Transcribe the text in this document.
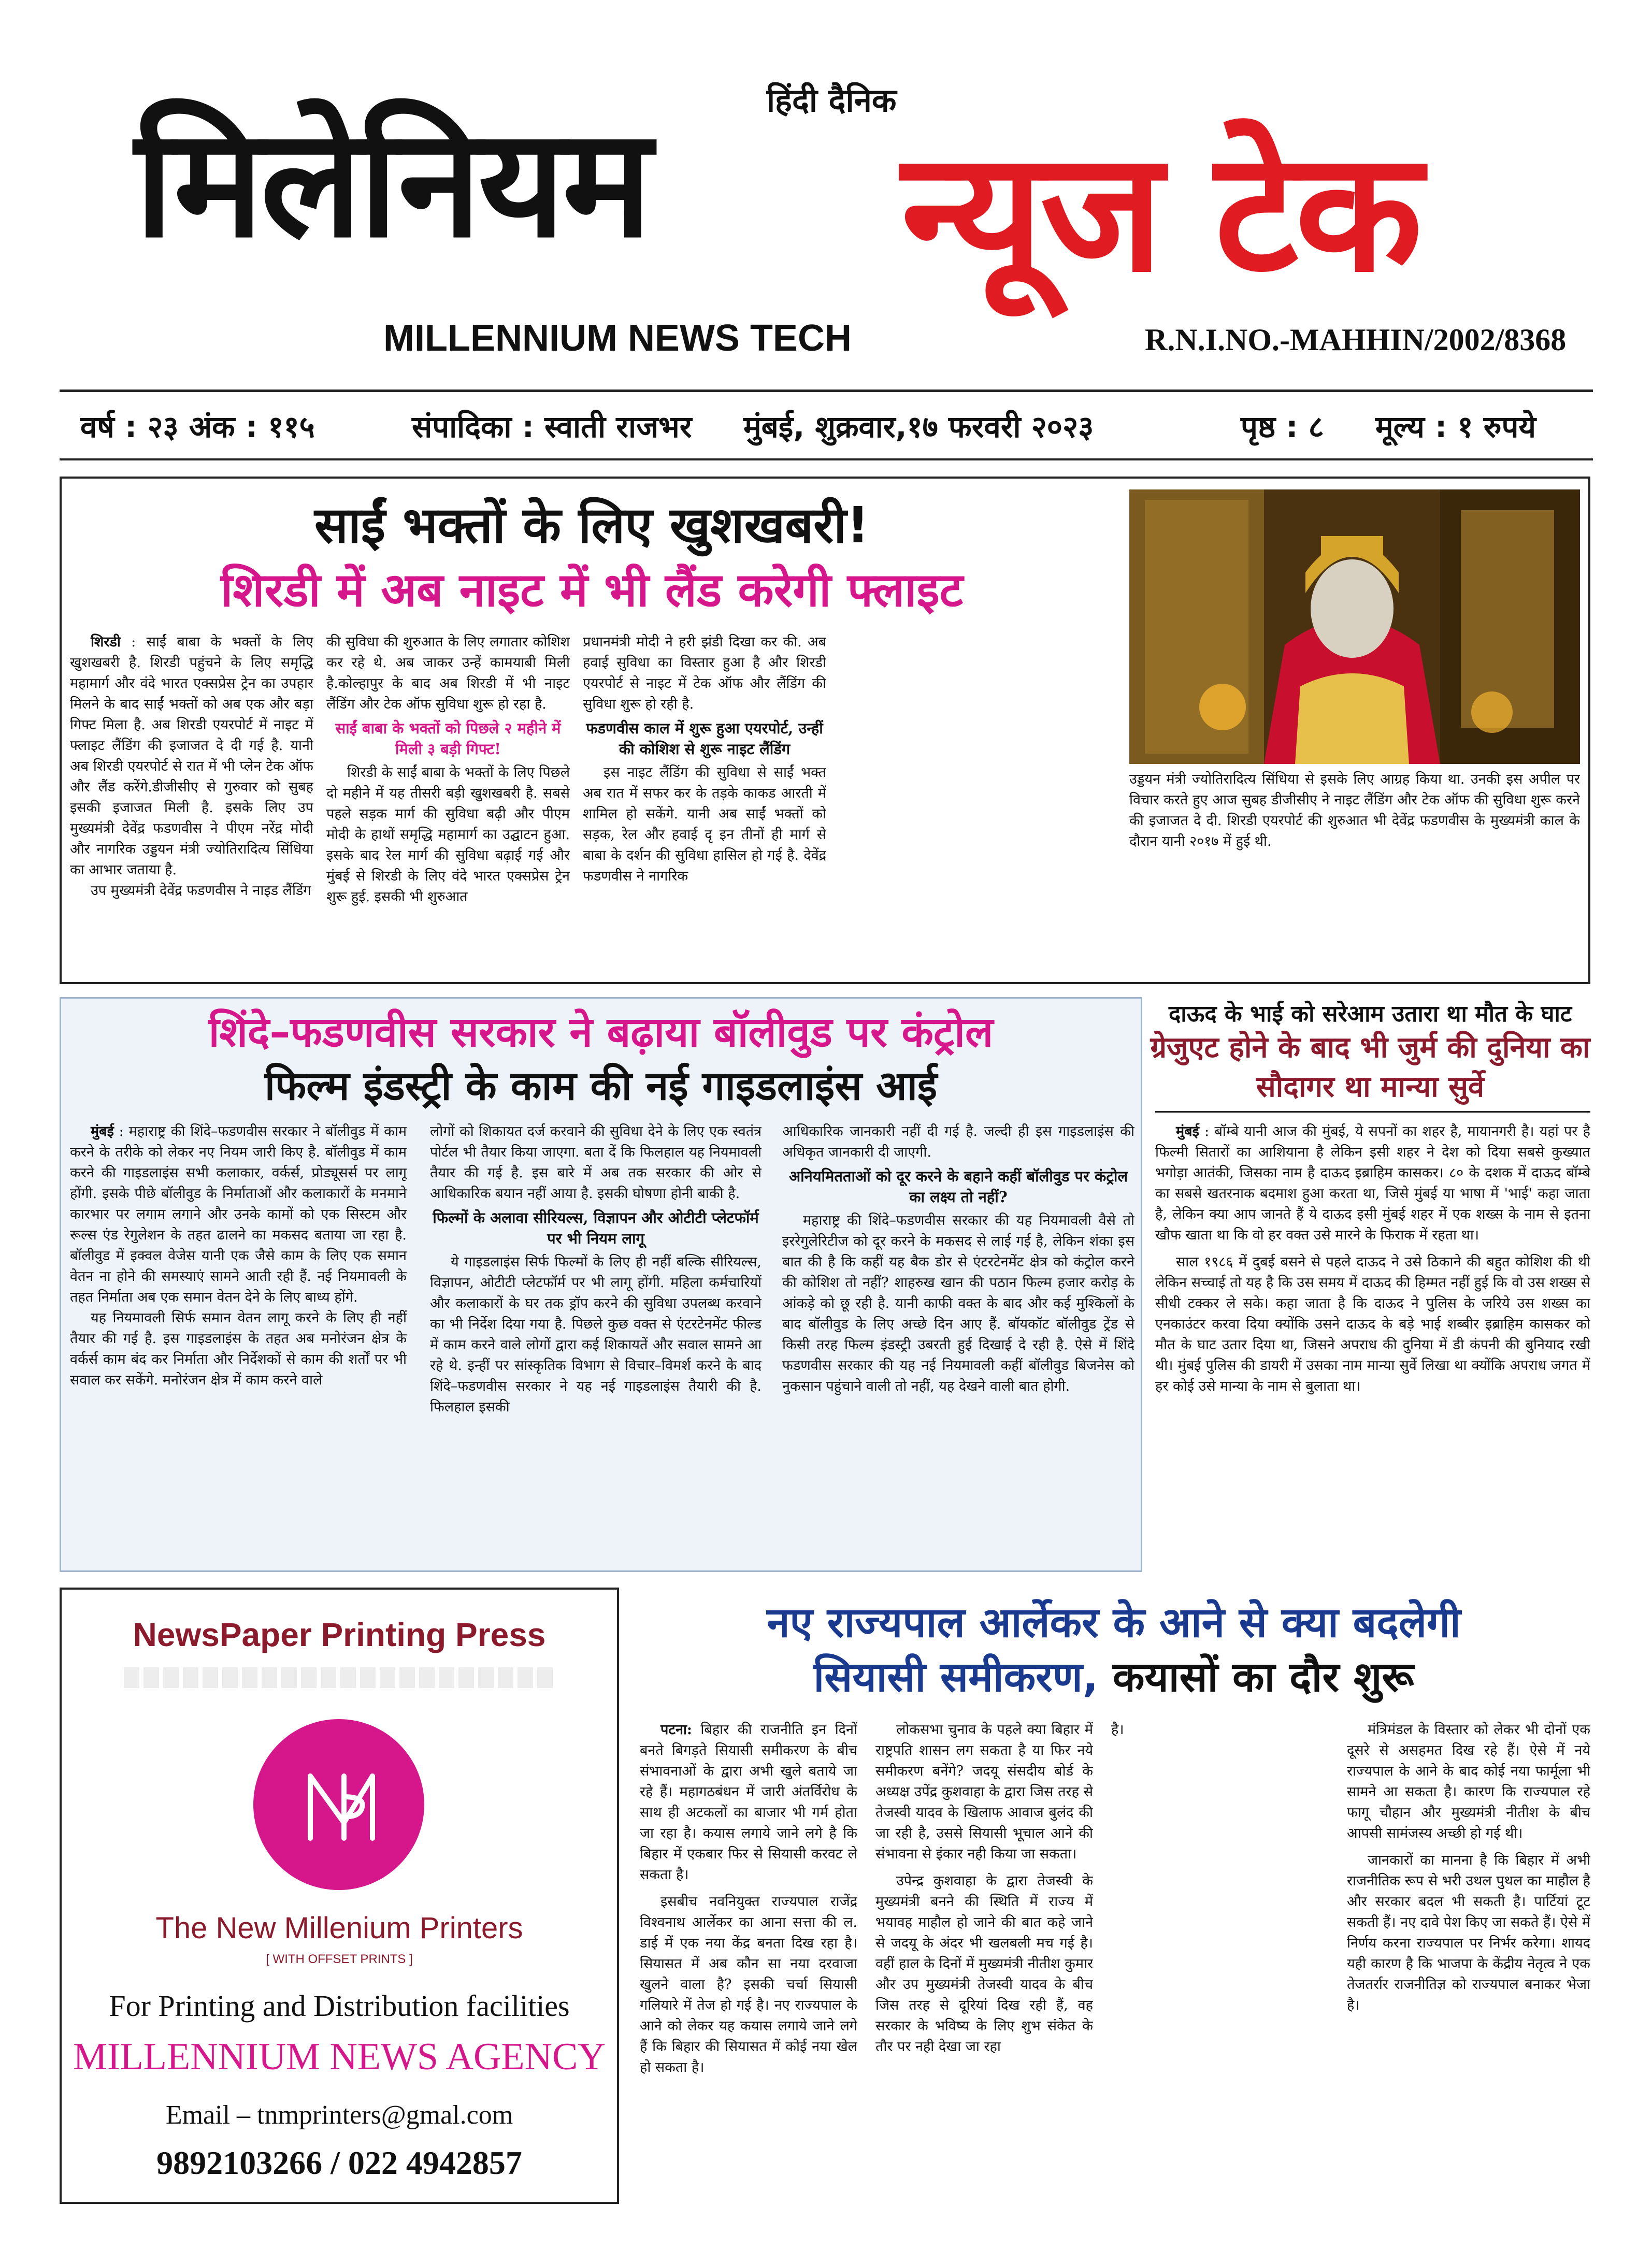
हिंदी दैनिक
मिलेनियम न्यूज टेक
MILLENNIUM NEWS TECH	R.N.I.NO.-MAHHIN/2002/8368
वर्ष : २३ अंक : ११५	संपादिका : स्वाती राजभर मुंबई, शुक्रवार,१७ फरवरी २०२३	पृष्ठ : ८ मूल्य : १ रुपये
साईं भक्तों के लिए खुशखबरी!
शिरडी में अब नाइट में भी लैंड करेगी फ्लाइट

शिरडी : साईं बाबा के भक्तों के लिए खुशखबरी है. शिरडी पहुंचने के लिए समृद्धि महामार्ग और वंदे भारत एक्सप्रेस ट्रेन का उपहार मिलने के बाद साईं भक्तों को अब एक और बड़ा गिफ्ट मिला है. अब शिरडी एयरपोर्ट में नाइट में फ्लाइट लैंडिंग की इजाजत दे दी गई है. यानी अब शिरडी एयरपोर्ट से रात में भी प्लेन टेक ऑफ और लैंड करेंगे.डीजीसीए से गुरुवार को सुबह इसकी इजाजत मिली है. इसके लिए उप मुख्यमंत्री देवेंद्र फडणवीस ने पीएम नरेंद्र मोदी और नागरिक उड्डयन मंत्री ज्योतिरादित्य सिंधिया का आभार जताया है.

उप मुख्यमंत्री देवेंद्र फडणवीस ने नाइड लैंडिंग

की सुविधा की शुरुआत के लिए लगातार कोशिश कर रहे थे. अब जाकर उन्हें कामयाबी मिली है.कोल्हापुर के बाद अब शिरडी में भी नाइट लैंडिंग और टेक ऑफ सुविधा शुरू हो रहा है.

साईं बाबा के भक्तों को पिछले २ महीने में मिली ३ बड़ी गिफ्ट!

शिरडी के साईं बाबा के भक्तों के लिए पिछले दो महीने में यह तीसरी बड़ी खुशखबरी है. सबसे पहले सड़क मार्ग की सुविधा बढ़ी और पीएम मोदी के हाथों समृद्धि महामार्ग का उद्घाटन हुआ. इसके बाद रेल मार्ग की सुविधा बढ़ाई गई और मुंबई से शिरडी के लिए वंदे भारत एक्सप्रेस ट्रेन शुरू हुई. इसकी भी शुरुआत

प्रधानमंत्री मोदी ने हरी झंडी दिखा कर की. अब हवाई सुविधा का विस्तार हुआ है और शिरडी एयरपोर्ट से नाइट में टेक ऑफ और लैंडिंग की सुविधा शुरू हो रही है.

फडणवीस काल में शुरू हुआ एयरपोर्ट, उन्हीं की कोशिश से शुरू नाइट लैंडिंग

इस नाइट लैंडिंग की सुविधा से साईं भक्त अब रात में सफर कर के तड़के काकड आरती में शामिल हो सकेंगे. यानी अब साईं भक्तों को सड़क, रेल और हवाई दृ इन तीनों ही मार्ग से बाबा के दर्शन की सुविधा हासिल हो गई है. देवेंद्र फडणवीस ने नागरिक

उड्डयन मंत्री ज्योतिरादित्य सिंधिया से इसके लिए आग्रह किया था. उनकी इस अपील पर विचार करते हुए आज सुबह डीजीसीए ने नाइट लैंडिंग और टेक ऑफ की सुविधा शुरू करने की इजाजत दे दी. शिरडी एयरपोर्ट की शुरुआत भी देवेंद्र फडणवीस के मुख्यमंत्री काल के दौरान यानी २०१७ में हुई थी.

शिंदे–फडणवीस सरकार ने बढ़ाया बॉलीवुड पर कंट्रोल
फिल्म इंडस्ट्री के काम की नई गाइडलाइंस आई

मुंबई : महाराष्ट्र की शिंदे–फडणवीस सरकार ने बॉलीवुड में काम करने के तरीके को लेकर नए नियम जारी किए है. बॉलीवुड में काम करने की गाइडलाइंस सभी कलाकार, वर्कर्स, प्रोड्यूसर्स पर लागू होंगी. इसके पीछे बॉलीवुड के निर्माताओं और कलाकारों के मनमाने कारभार पर लगाम लगाने और उनके कामों को एक सिस्टम और रूल्स एंड रेगुलेशन के तहत ढालने का मकसद बताया जा रहा है. बॉलीवुड में इक्वल वेजेस यानी एक जैसे काम के लिए एक समान वेतन ना होने की समस्याएं सामने आती रही हैं. नई नियमावली के तहत निर्माता अब एक समान वेतन देने के लिए बाध्य होंगे.

यह नियमावली सिर्फ समान वेतन लागू करने के लिए ही नहीं तैयार की गई है. इस गाइडलाइंस के तहत अब मनोरंजन क्षेत्र के वर्कर्स काम बंद कर निर्माता और निर्देशकों से काम की शर्तों पर भी सवाल कर सकेंगे. मनोरंजन क्षेत्र में काम करने वाले

लोगों को शिकायत दर्ज करवाने की सुविधा देने के लिए एक स्वतंत्र पोर्टल भी तैयार किया जाएगा. बता दें कि फिलहाल यह नियमावली तैयार की गई है. इस बारे में अब तक सरकार की ओर से आधिकारिक बयान नहीं आया है. इसकी घोषणा होनी बाकी है.

फिल्मों के अलावा सीरियल्स, विज्ञापन और ओटीटी प्लेटफॉर्म पर भी नियम लागू

ये गाइडलाइंस सिर्फ फिल्मों के लिए ही नहीं बल्कि सीरियल्स, विज्ञापन, ओटीटी प्लेटफॉर्म पर भी लागू होंगी. महिला कर्मचारियों और कलाकारों के घर तक ड्रॉप करने की सुविधा उपलब्ध करवाने का भी निर्देश दिया गया है. पिछले कुछ वक्त से एंटरटेनमेंट फील्ड में काम करने वाले लोगों द्वारा कई शिकायतें और सवाल सामने आ रहे थे. इन्हीं पर सांस्कृतिक विभाग से विचार–विमर्श करने के बाद शिंदे–फडणवीस सरकार ने यह नई गाइडलाइंस तैयारी की है. फिलहाल इसकी

आधिकारिक जानकारी नहीं दी गई है. जल्दी ही इस गाइडलाइंस की अधिकृत जानकारी दी जाएगी.

अनियमितताओं को दूर करने के बहाने कहीं बॉलीवुड पर कंट्रोल का लक्ष्य तो नहीं?

महाराष्ट्र की शिंदे–फडणवीस सरकार की यह नियमावली वैसे तो इररेगुलेरिटीज को दूर करने के मकसद से लाई गई है, लेकिन शंका इस बात की है कि कहीं यह बैक डोर से एंटरटेनमेंट क्षेत्र को कंट्रोल करने की कोशिश तो नहीं? शाहरुख खान की पठान फिल्म हजार करोड़ के आंकड़े को छू रही है. यानी काफी वक्त के बाद और कई मुश्किलों के बाद बॉलीवुड के लिए अच्छे दिन आए हैं. बॉयकॉट बॉलीवुड ट्रेंड से किसी तरह फिल्म इंडस्ट्री उबरती हुई दिखाई दे रही है. ऐसे में शिंदे फडणवीस सरकार की यह नई नियमावली कहीं बॉलीवुड बिजनेस को नुकसान पहुंचाने वाली तो नहीं, यह देखने वाली बात होगी.

दाऊद के भाई को सरेआम उतारा था मौत के घाट
ग्रेजुएट होने के बाद भी जुर्म की दुनिया का सौदागर था मान्या सुर्वे

मुंबई : बॉम्बे यानी आज की मुंबई, ये सपनों का शहर है, मायानगरी है। यहां पर है फिल्मी सितारों का आशियाना है लेकिन इसी शहर ने देश को दिया सबसे कुख्यात भगोड़ा आतंकी, जिसका नाम है दाऊद इब्राहिम कासकर। ८० के दशक में दाऊद बॉम्बे का सबसे खतरनाक बदमाश हुआ करता था, जिसे मुंबई या भाषा में 'भाई' कहा जाता है, लेकिन क्या आप जानते हैं ये दाऊद इसी मुंबई शहर में एक शख्स के नाम से इतना खौफ खाता था कि वो हर वक्त उसे मारने के फिराक में रहता था।

साल १९८६ में दुबई बसने से पहले दाऊद ने उसे ठिकाने की बहुत कोशिश की थी लेकिन सच्चाई तो यह है कि उस समय में दाऊद की हिम्मत नहीं हुई कि वो उस शख्स से सीधी टक्कर ले सके। कहा जाता है कि दाऊद ने पुलिस के जरिये उस शख्स का एनकाउंटर करवा दिया क्योंकि उसने दाऊद के बड़े भाई शब्बीर इब्राहिम कासकर को मौत के घाट उतार दिया था, जिसने अपराध की दुनिया में डी कंपनी की बुनियाद रखी थी। मुंबई पुलिस की डायरी में उसका नाम मान्या सुर्वे लिखा था क्योंकि अपराध जगत में हर कोई उसे मान्या के नाम से बुलाता था।

NewsPaper Printing Press
The New Millenium Printers
[ WITH OFFSET PRINTS ]
For Printing and Distribution facilities
MILLENNIUM NEWS AGENCY
Email – tnmprinters@gmal.com
9892103266 / 022 4942857
नए राज्यपाल आर्लेकर के आने से क्या बदलेगी
सियासी समीकरण, कयासों का दौर शुरू

पटना: बिहार की राजनीति इन दिनों बनते बिगड़ते सियासी समीकरण के बीच संभावनाओं के द्वारा अभी खुले बताये जा रहे हैं। महागठबंधन में जारी अंतर्विरोध के साथ ही अटकलों का बाजार भी गर्म होता जा रहा है। कयास लगाये जाने लगे है कि बिहार में एकबार फिर से सियासी करवट ले सकता है।

इसबीच नवनियुक्त राज्यपाल राजेंद्र विश्वनाथ आर्लेकर का आना सत्ता की ल. डाई में एक नया केंद्र बनता दिख रहा है। सियासत में अब कौन सा नया दरवाजा खुलने वाला है? इसकी चर्चा सियासी गलियारे में तेज हो गई है। नए राज्यपाल के आने को लेकर यह कयास लगाये जाने लगे हैं कि बिहार की सियासत में कोई नया खेल हो सकता है।

लोकसभा चुनाव के पहले क्या बिहार में राष्ट्रपति शासन लग सकता है या फिर नये समीकरण बनेंगे? जदयू संसदीय बोर्ड के अध्यक्ष उपेंद्र कुशवाहा के द्वारा जिस तरह से तेजस्वी यादव के खिलाफ आवाज बुलंद की जा रही है, उससे सियासी भूचाल आने की संभावना से इंकार नही किया जा सकता।

उपेन्द्र कुशवाहा के द्वारा तेजस्वी के मुख्यमंत्री बनने की स्थिति में राज्य में भयावह माहौल हो जाने की बात कहे जाने से जदयू के अंदर भी खलबली मच गई है। वहीं हाल के दिनों में मुख्यमंत्री नीतीश कुमार और उप मुख्यमंत्री तेजस्वी यादव के बीच जिस तरह से दूरियां दिख रही हैं, वह सरकार के भविष्य के लिए शुभ संकेत के तौर पर नही देखा जा रहा

है।	मंत्रिमंडल के विस्तार को लेकर भी दोनों एक दूसरे से असहमत दिख रहे हैं। ऐसे में नये राज्यपाल के आने के बाद कोई नया फार्मूला भी सामने आ सकता है। कारण कि राज्यपाल रहे फागू चौहान और मुख्यमंत्री नीतीश के बीच आपसी सामंजस्य अच्छी हो गई थी।

जानकारों का मानना है कि बिहार में अभी राजनीतिक रूप से भरी उथल पुथल का माहौल है और सरकार बदल भी सकती है। पार्टियां टूट सकती हैं। नए दावे पेश किए जा सकते हैं। ऐसे में निर्णय करना राज्यपाल पर निर्भर करेगा। शायद यही कारण है कि भाजपा के केंद्रीय नेतृत्व ने एक तेजतर्रार राजनीतिज्ञ को राज्यपाल बनाकर भेजा है।
